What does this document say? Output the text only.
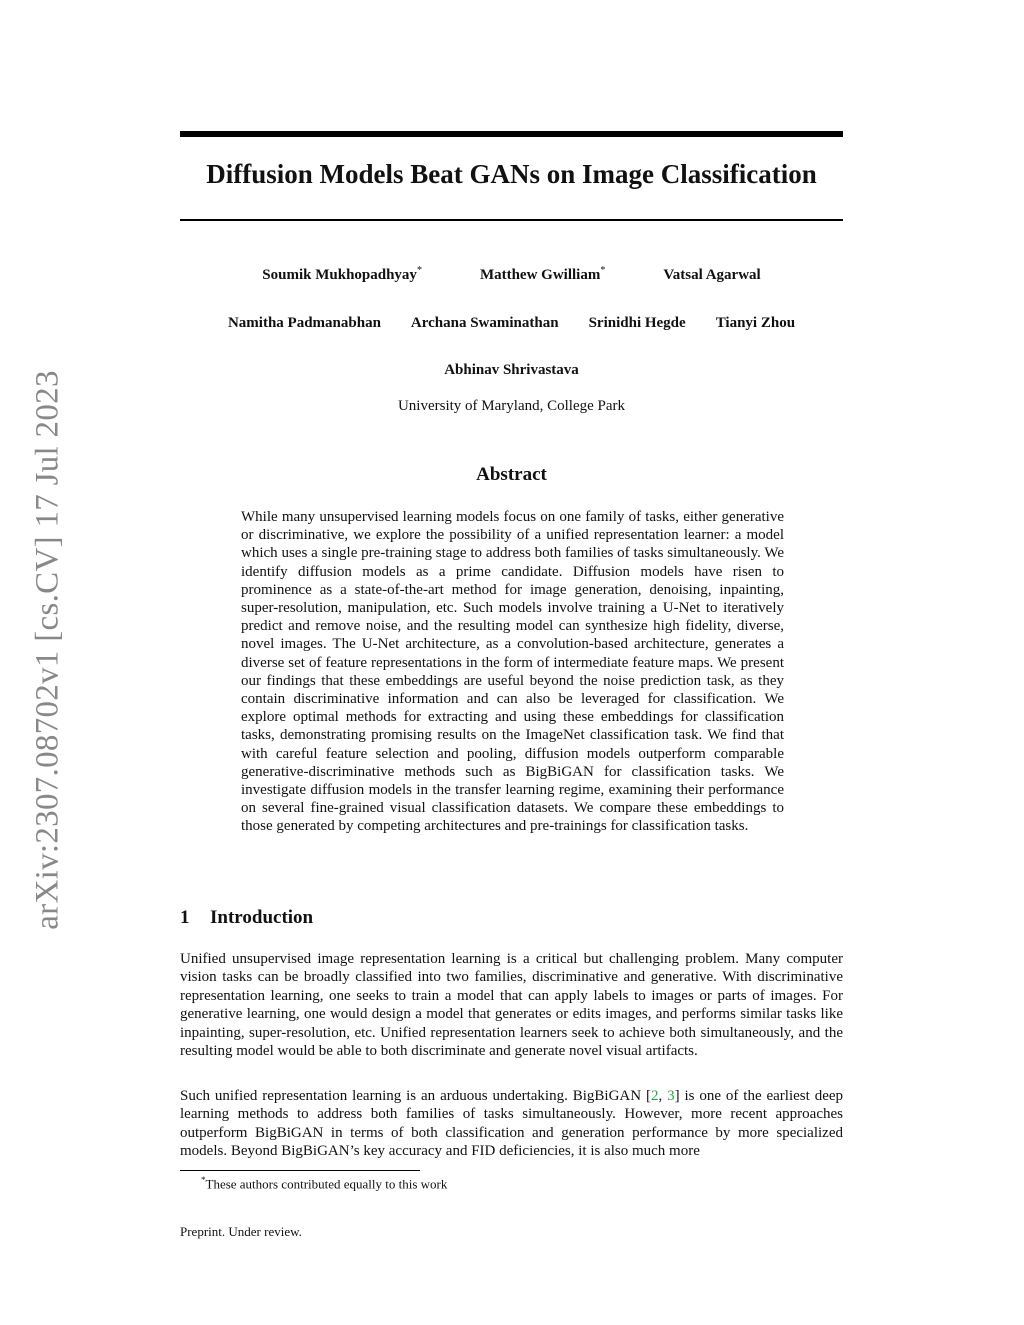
arXiv:2307.08702v1 [cs.CV] 17 Jul 2023
Diffusion Models Beat GANs on Image Classification
Soumik Mukhopadhyay*	Matthew Gwilliam*	Vatsal Agarwal
Namitha Padmanabhan Archana Swaminathan Srinidhi Hegde Tianyi Zhou
Abhinav Shrivastava
University of Maryland, College Park
Abstract

While many unsupervised learning models focus on one family of tasks, either generative or discriminative, we explore the possibility of a unified representation learner: a model which uses a single pre-training stage to address both families of tasks simultaneously. We identify diffusion models as a prime candidate. Diffusion models have risen to prominence as a state-of-the-art method for image generation, denoising, inpainting, super-resolution, manipulation, etc. Such models involve training a U-Net to iteratively predict and remove noise, and the resulting model can synthesize high fidelity, diverse, novel images. The U-Net architecture, as a convolution-based architecture, generates a diverse set of feature representations in the form of intermediate feature maps. We present our findings that these embeddings are useful beyond the noise prediction task, as they contain discriminative information and can also be leveraged for classification. We explore optimal methods for extracting and using these embeddings for classification tasks, demonstrating promising results on the ImageNet classification task. We find that with careful feature selection and pooling, diffusion models outperform comparable generative-discriminative methods such as BigBiGAN for classification tasks. We investigate diffusion models in the transfer learning regime, examining their performance on several fine-grained visual classification datasets. We compare these embeddings to those generated by competing architectures and pre-trainings for classification tasks.

1 Introduction

Unified unsupervised image representation learning is a critical but challenging problem. Many computer vision tasks can be broadly classified into two families, discriminative and generative. With discriminative representation learning, one seeks to train a model that can apply labels to images or parts of images. For generative learning, one would design a model that generates or edits images, and performs similar tasks like inpainting, super-resolution, etc. Unified representation learners seek to achieve both simultaneously, and the resulting model would be able to both discriminate and generate novel visual artifacts.

Such unified representation learning is an arduous undertaking. BigBiGAN [2, 3] is one of the earliest deep learning methods to address both families of tasks simultaneously. However, more recent approaches outperform BigBiGAN in terms of both classification and generation performance by more specialized models. Beyond BigBiGAN’s key accuracy and FID deficiencies, it is also much more

*These authors contributed equally to this work

Preprint. Under review.
